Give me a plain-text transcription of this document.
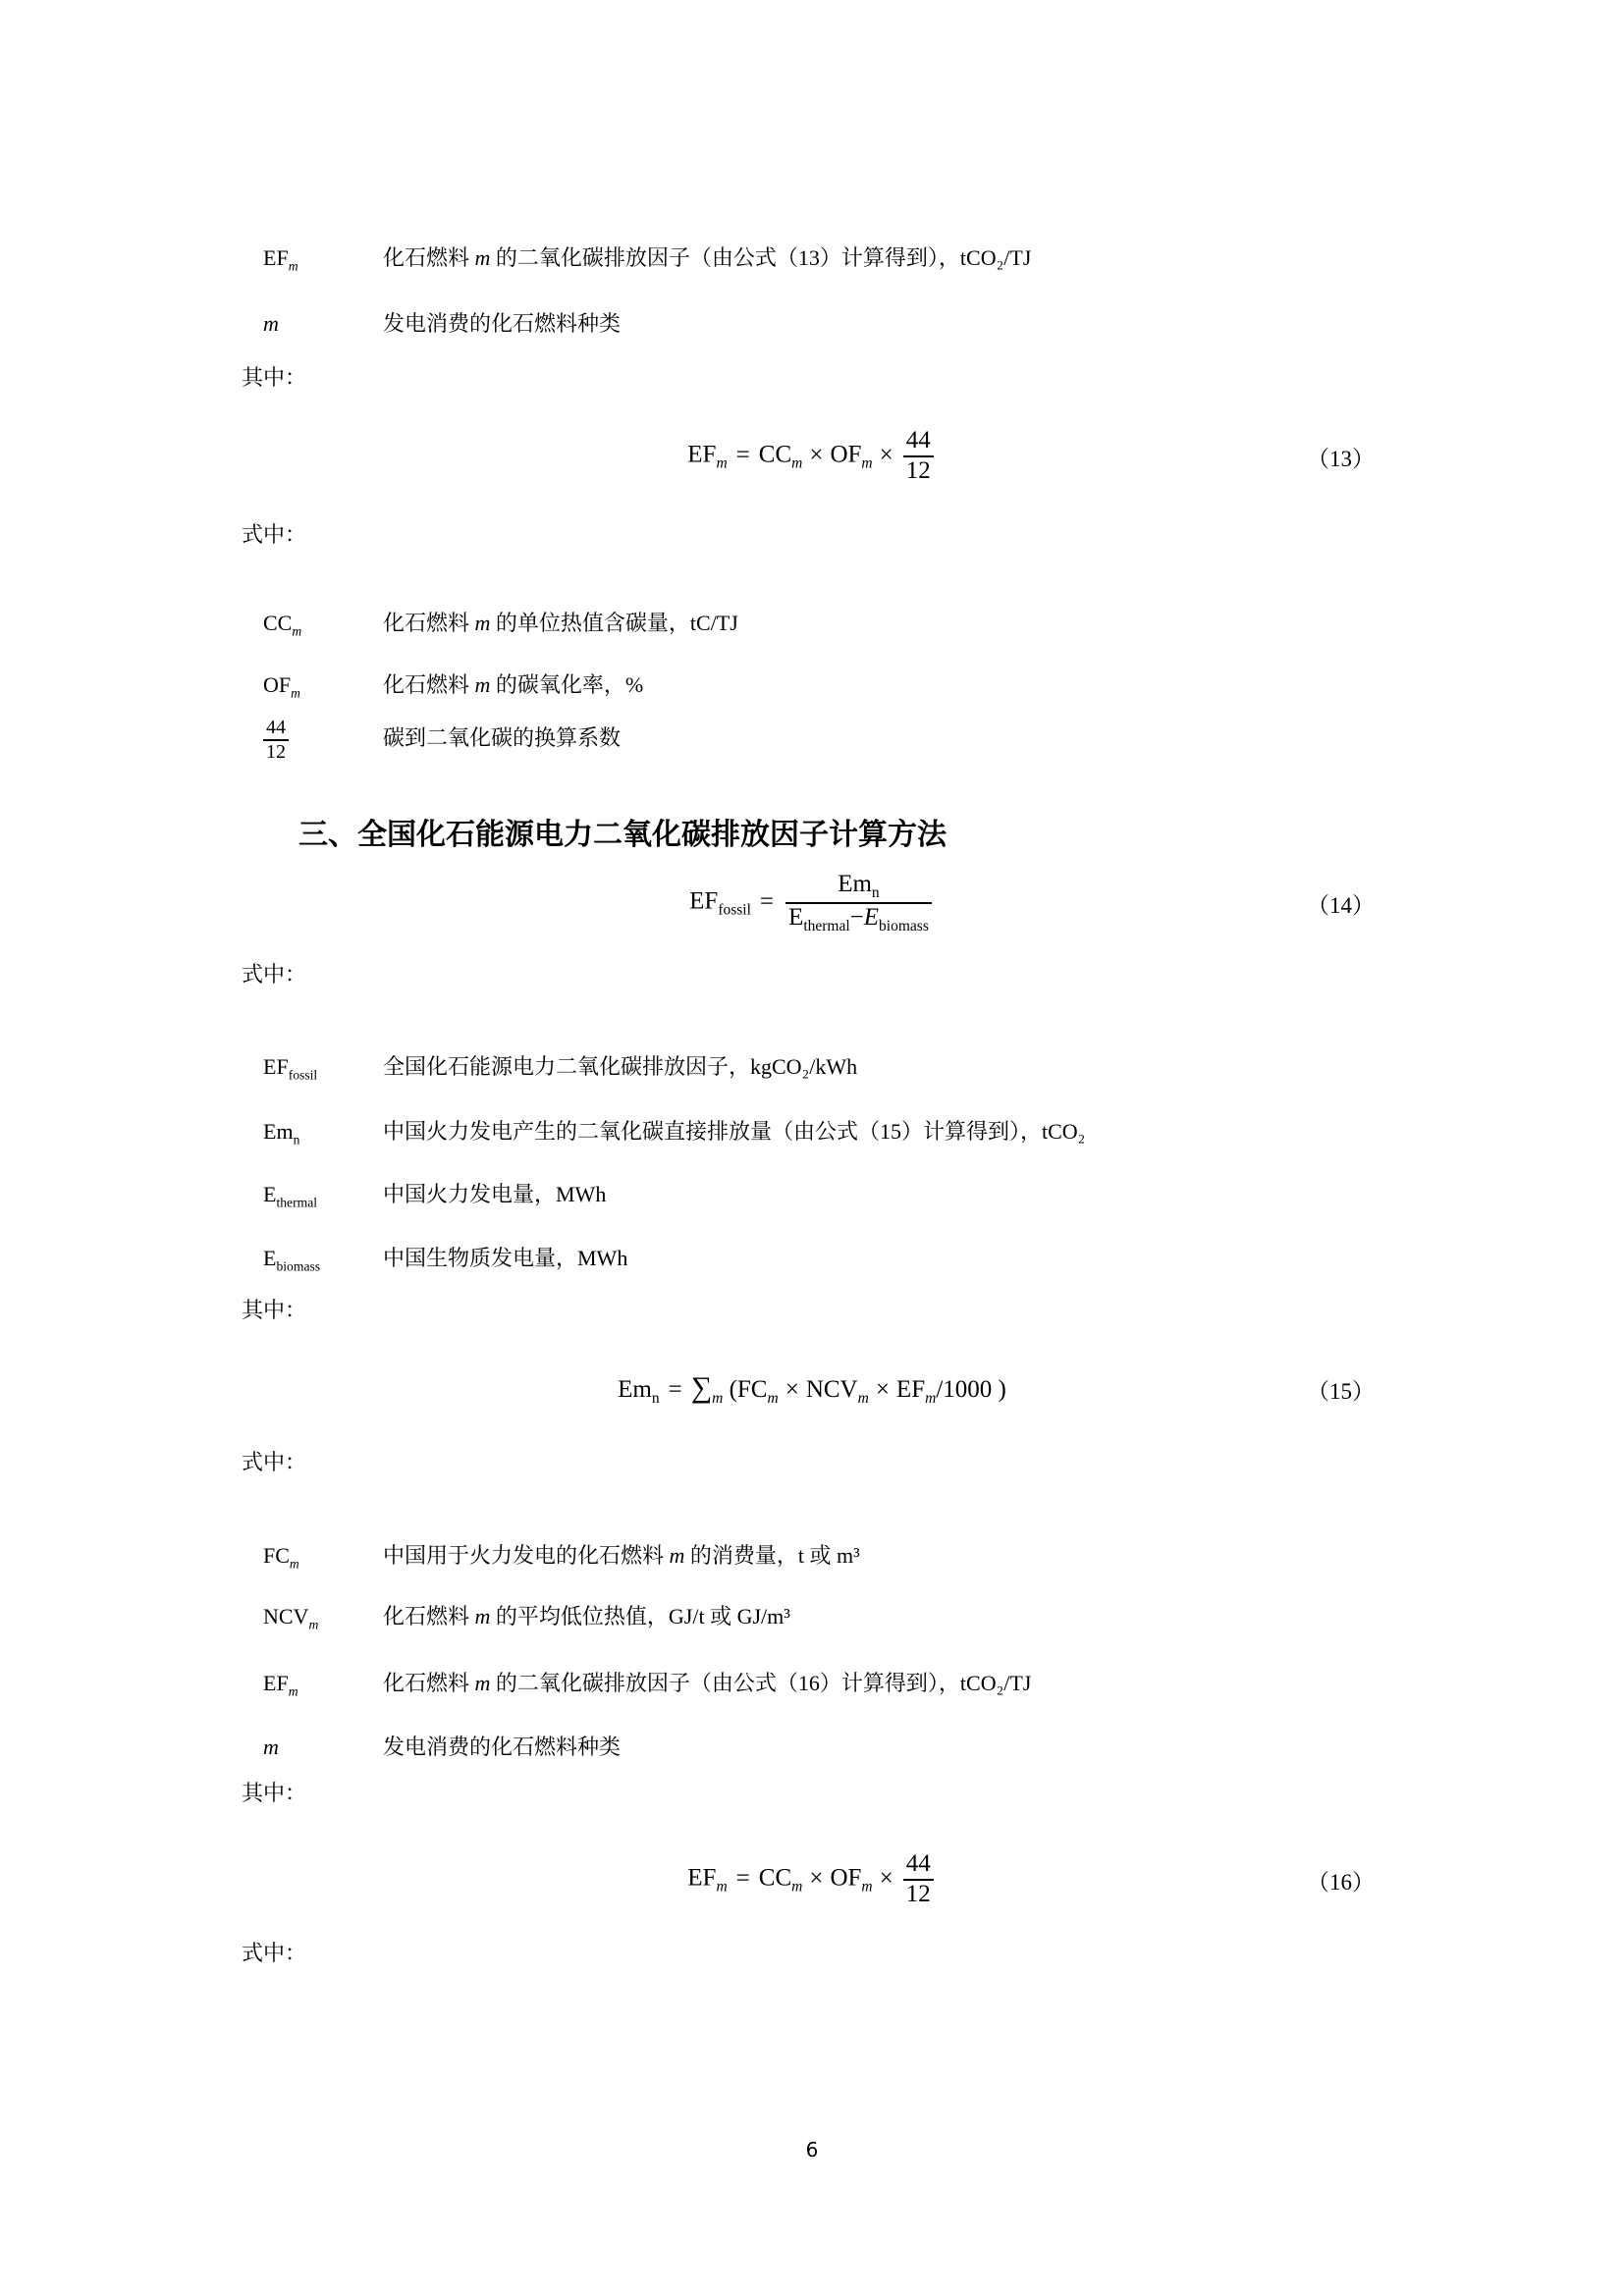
$EF_m$	化石燃料 m 的二氧化碳排放因子（由公式（13）计算得到），tCO₂/TJ

m	发电消费的化石燃料种类

其中：
$EF_m = CC_m \times OF_m \times \frac{44}{12}$	（13）
式中：

$CC_m$	化石燃料 m 的单位热值含碳量，tC/TJ

$OF_m$	化石燃料 m 的碳氧化率，%

$\frac{44}{12}$	碳到二氧化碳的换算系数

三、全国化石能源电力二氧化碳排放因子计算方法
$EF_{fossil} = \frac{Em_n}{E_{thermal}-E_{biomass}}$	（14）
式中：

$EF_{fossil}$	全国化石能源电力二氧化碳排放因子，kgCO₂/kWh

$Em_n$	中国火力发电产生的二氧化碳直接排放量（由公式（15）计算得到），tCO₂

$E_{thermal}$	中国火力发电量，MWh

$E_{biomass}$	中国生物质发电量，MWh

其中：
$Em_n = \sum_m$ ($FC_m \times NCV_m \times EF_m/1000$ )	（15）
式中：

$FC_m$	中国用于火力发电的化石燃料 m 的消费量，t 或 m³

$NCV_m$	化石燃料 m 的平均低位热值，GJ/t 或 GJ/m³

$EF_m$	化石燃料 m 的二氧化碳排放因子（由公式（16）计算得到），tCO₂/TJ

m	发电消费的化石燃料种类

其中：
$EF_m = CC_m \times OF_m \times \frac{44}{12}$	（16）
式中：
6
